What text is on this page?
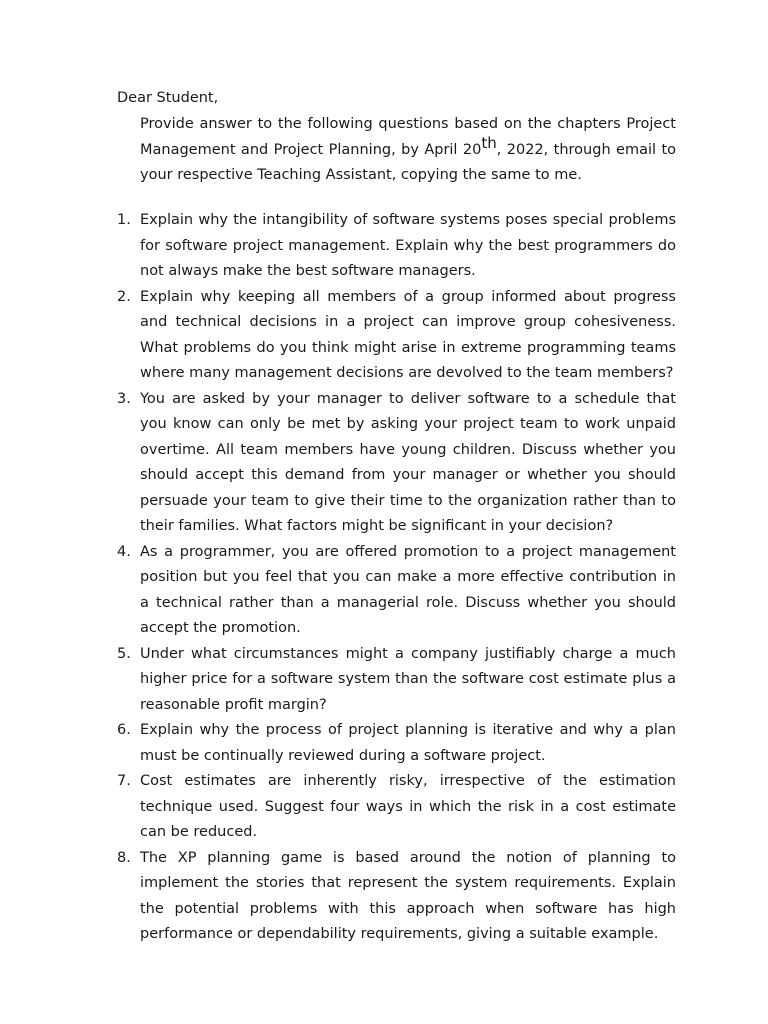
Dear Student,

Provide answer to the following questions based on the chapters Project Management and Project Planning, by April 20th, 2022, through email to your respective Teaching Assistant, copying the same to me.

1. Explain why the intangibility of software systems poses special problems for software project management. Explain why the best programmers do not always make the best software managers.
2. Explain why keeping all members of a group informed about progress and technical decisions in a project can improve group cohesiveness. What problems do you think might arise in extreme programming teams where many management decisions are devolved to the team members?
3. You are asked by your manager to deliver software to a schedule that you know can only be met by asking your project team to work unpaid overtime. All team members have young children. Discuss whether you should accept this demand from your manager or whether you should persuade your team to give their time to the organization rather than to their families. What factors might be significant in your decision?
4. As a programmer, you are offered promotion to a project management position but you feel that you can make a more effective contribution in a technical rather than a managerial role. Discuss whether you should accept the promotion.
5. Under what circumstances might a company justifiably charge a much higher price for a software system than the software cost estimate plus a reasonable profit margin?
6. Explain why the process of project planning is iterative and why a plan must be continually reviewed during a software project.
7. Cost estimates are inherently risky, irrespective of the estimation technique used. Suggest four ways in which the risk in a cost estimate can be reduced.
8. The XP planning game is based around the notion of planning to implement the stories that represent the system requirements. Explain the potential problems with this approach when software has high performance or dependability requirements, giving a suitable example.
